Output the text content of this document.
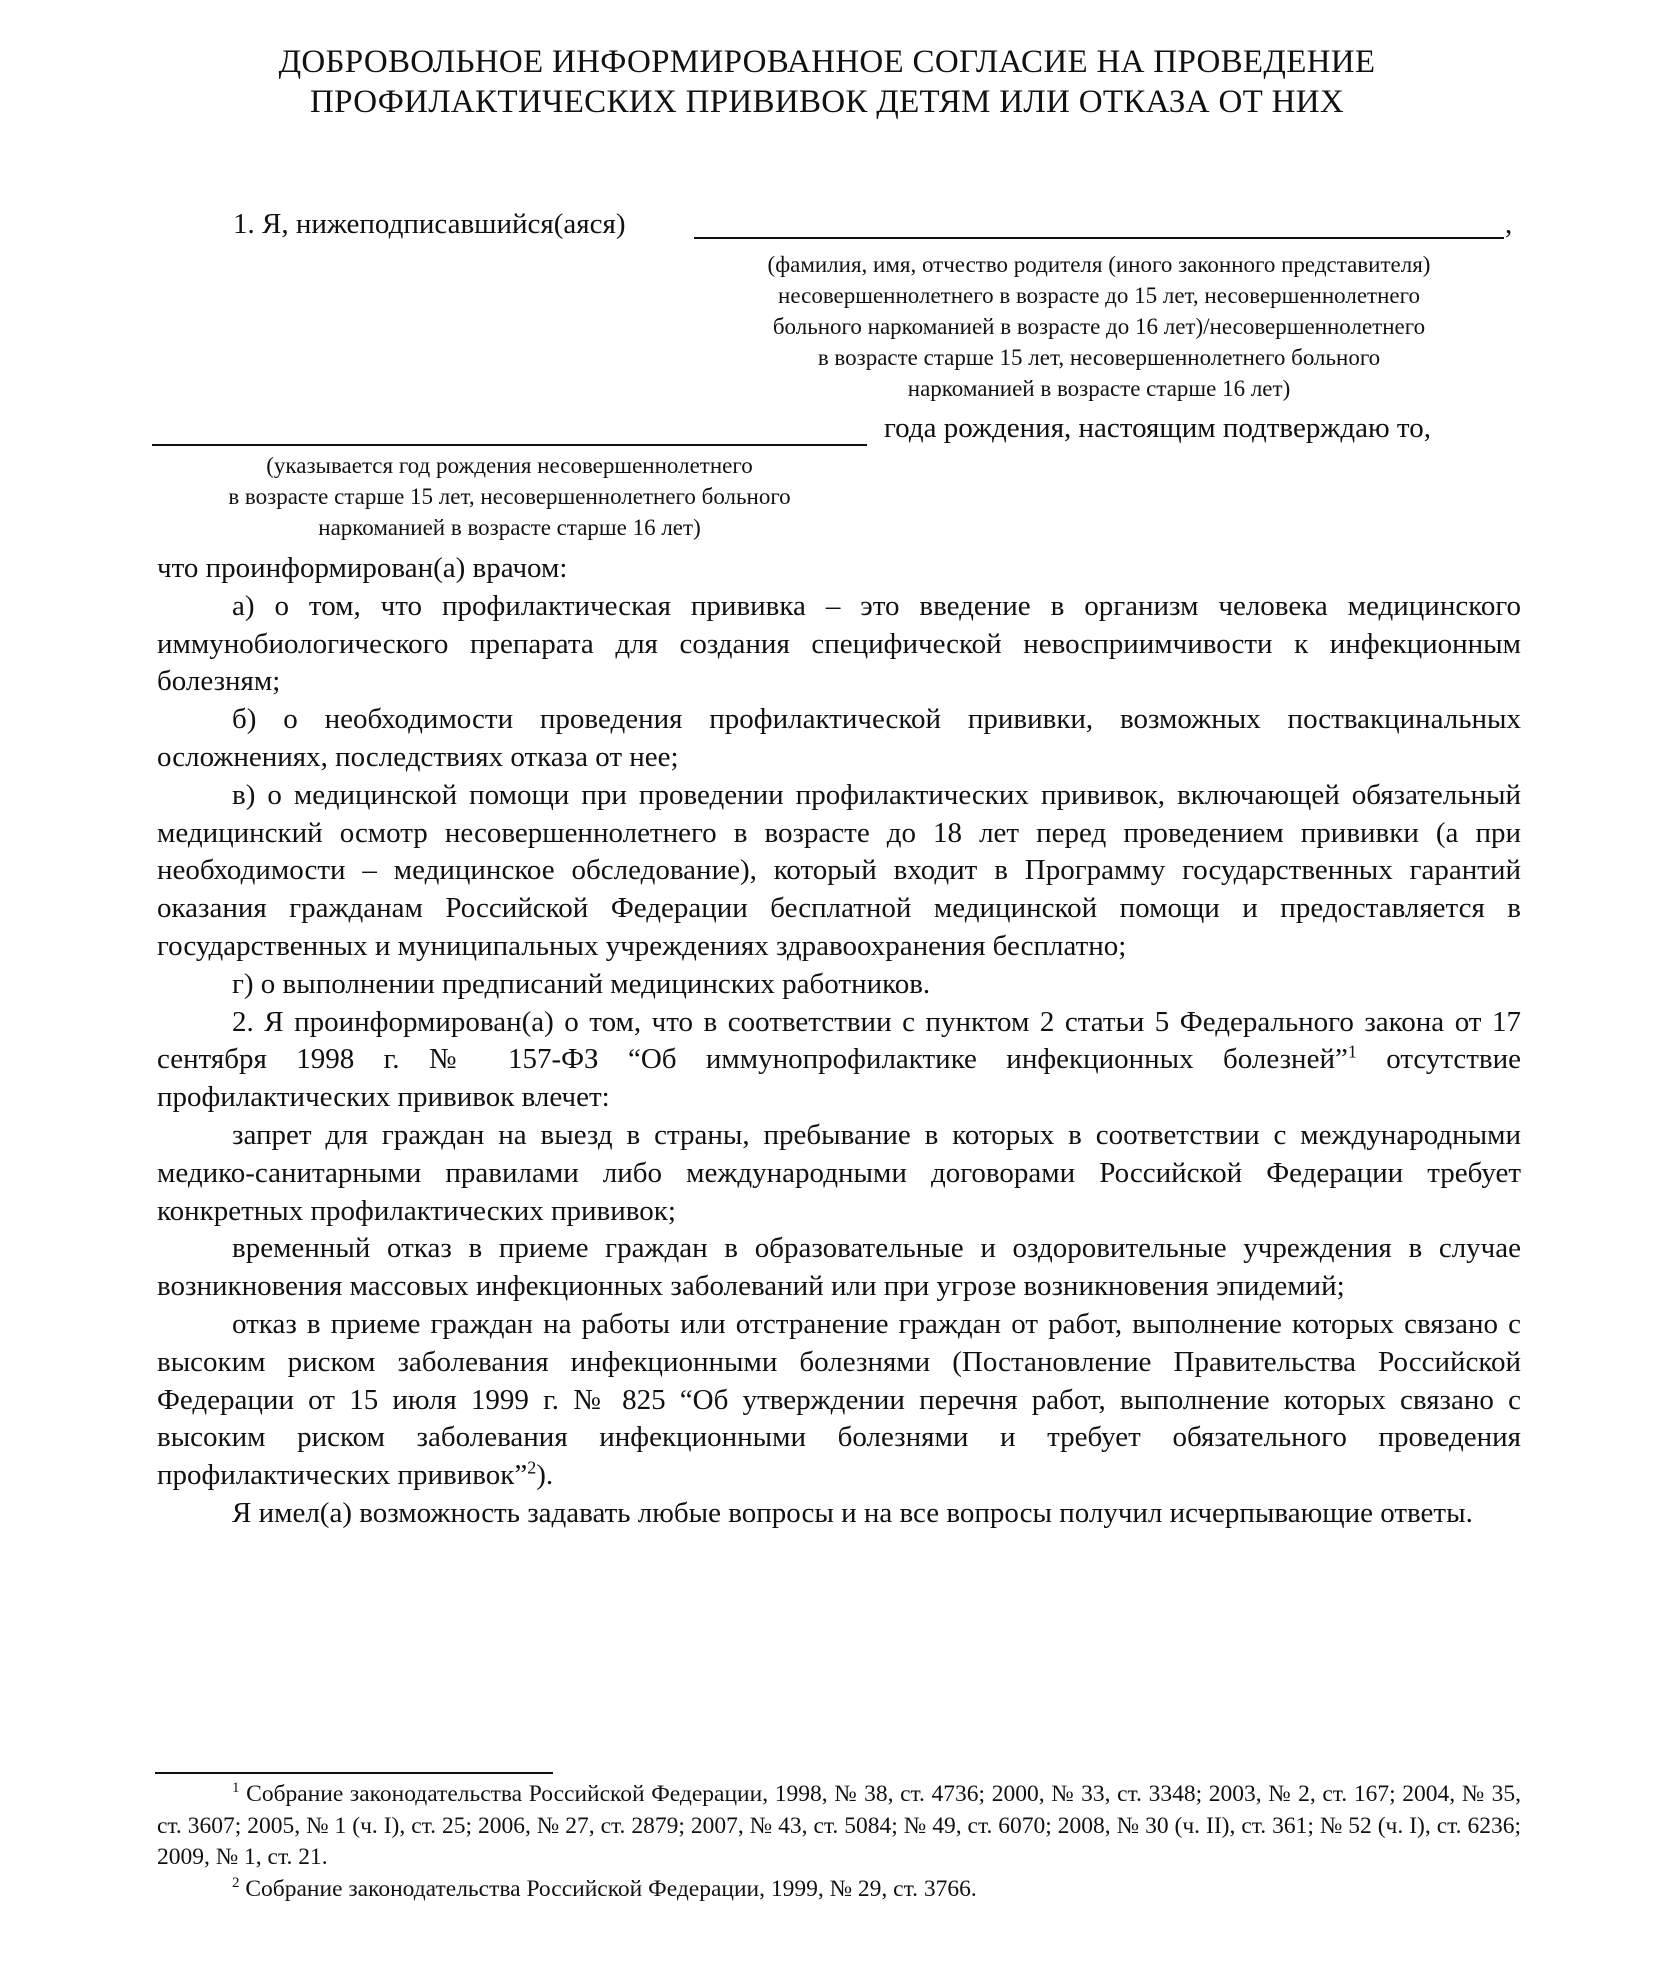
ДОБРОВОЛЬНОЕ ИНФОРМИРОВАННОЕ СОГЛАСИЕ НА ПРОВЕДЕНИЕ
ПРОФИЛАКТИЧЕСКИХ ПРИВИВОК ДЕТЯМ ИЛИ ОТКАЗА ОТ НИХ
1. Я, нижеподписавшийся(аяся)	,
(фамилия, имя, отчество родителя (иного законного представителя)
несовершеннолетнего в возрасте до 15 лет, несовершеннолетнего
больного наркоманией в возрасте до 16 лет)/несовершеннолетнего
в возрасте старше 15 лет, несовершеннолетнего больного
наркоманией в возрасте старше 16 лет)
года рождения, настоящим подтверждаю то,
(указывается год рождения несовершеннолетнего
в возрасте старше 15 лет, несовершеннолетнего больного
наркоманией в возрасте старше 16 лет)

что проинформирован(а) врачом:

а) о том, что профилактическая прививка – это введение в организм человека медицинского иммунобиологического препарата для создания специфической невосприимчивости к инфекционным болезням;

б) о необходимости проведения профилактической прививки, возможных поствакцинальных осложнениях, последствиях отказа от нее;

в) о медицинской помощи при проведении профилактических прививок, включающей обязательный медицинский осмотр несовершеннолетнего в возрасте до 18 лет перед проведением прививки (а при необходимости – медицинское обследование), который входит в Программу государственных гарантий оказания гражданам Российской Федерации бесплатной медицинской помощи и предоставляется в государственных и муниципальных учреждениях здравоохранения бесплатно;

г) о выполнении предписаний медицинских работников.

2. Я проинформирован(а) о том, что в соответствии с пунктом 2 статьи 5 Федерального закона от 17 сентября 1998 г. № 157-ФЗ “Об иммунопрофилактике инфекционных болезней”$^1$ отсутствие профилактических прививок влечет:

запрет для граждан на выезд в страны, пребывание в которых в соответствии с международными медико-санитарными правилами либо международными договорами Российской Федерации требует конкретных профилактических прививок;

временный отказ в приеме граждан в образовательные и оздоровительные учреждения в случае возникновения массовых инфекционных заболеваний или при угрозе возникновения эпидемий;

отказ в приеме граждан на работы или отстранение граждан от работ, выполнение которых связано с высоким риском заболевания инфекционными болезнями (Постановление Правительства Российской Федерации от 15 июля 1999 г. № 825 “Об утверждении перечня работ, выполнение которых связано с высоким риском заболевания инфекционными болезнями и требует обязательного проведения профилактических прививок”$^2$).

Я имел(а) возможность задавать любые вопросы и на все вопросы получил исчерпывающие ответы.

$^1$ Собрание законодательства Российской Федерации, 1998, № 38, ст. 4736; 2000, № 33, ст. 3348; 2003, № 2, ст. 167; 2004, № 35, ст. 3607; 2005, № 1 (ч. I), ст. 25; 2006, № 27, ст. 2879; 2007, № 43, ст. 5084; № 49, ст. 6070; 2008, № 30 (ч. II), ст. 361; № 52 (ч. I), ст. 6236; 2009, № 1, ст. 21.

$^2$ Собрание законодательства Российской Федерации, 1999, № 29, ст. 3766.
